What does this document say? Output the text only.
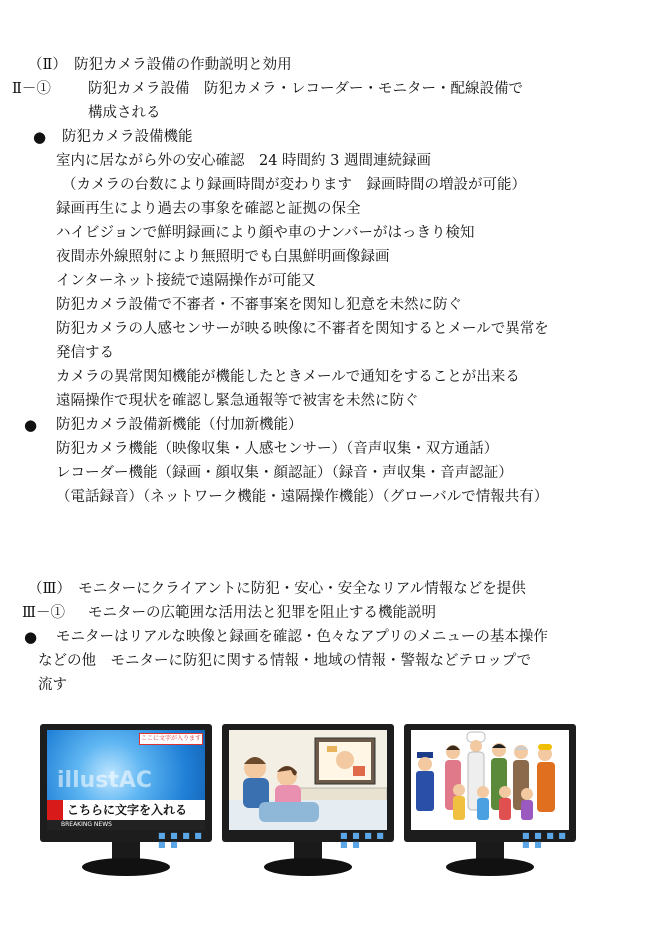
（Ⅱ）　防犯カメラ設備の作動説明と効用
Ⅱ－①	防犯カメラ設備　防犯カメラ・レコーダー・モニター・配線設備で
構成される
● 防犯カメラ設備機能
室内に居ながら外の安心確認　24 時間約 3 週間連続録画
（カメラの台数により録画時間が変わります　録画時間の増設が可能）
録画再生により過去の事象を確認と証拠の保全
ハイビジョンで鮮明録画により顔や車のナンバーがはっきり検知
夜間赤外線照射により無照明でも白黒鮮明画像録画
インターネット接続で遠隔操作が可能又
防犯カメラ設備で不審者・不審事案を関知し犯意を未然に防ぐ
防犯カメラの人感センサーが映る映像に不審者を関知するとメールで異常を
発信する
カメラの異常関知機能が機能したときメールで通知をすることが出来る
遠隔操作で現状を確認し緊急通報等で被害を未然に防ぐ
● 防犯カメラ設備新機能（付加新機能）
防犯カメラ機能（映像収集・人感センサー）（音声収集・双方通話）
レコーダー機能（録画・顔収集・顔認証）（録音・声収集・音声認証）
（電話録音）（ネットワーク機能・遠隔操作機能）（グローバルで情報共有）
（Ⅲ）　モニターにクライアントに防犯・安心・安全なリアル情報などを提供
Ⅲ－① モニターの広範囲な活用法と犯罪を阻止する機能説明
● モニターはリアルな映像と録画を確認・色々なアプリのメニューの基本操作
などの他　モニターに防犯に関する情報・地域の情報・警報などテロップで
流す
ここに文字が入ります
illustAC
こちらに文字を入れる
BREAKING NEWS
■ ■ ■ ■ ■ ■
■ ■ ■ ■ ■ ■
■ ■ ■ ■ ■ ■
